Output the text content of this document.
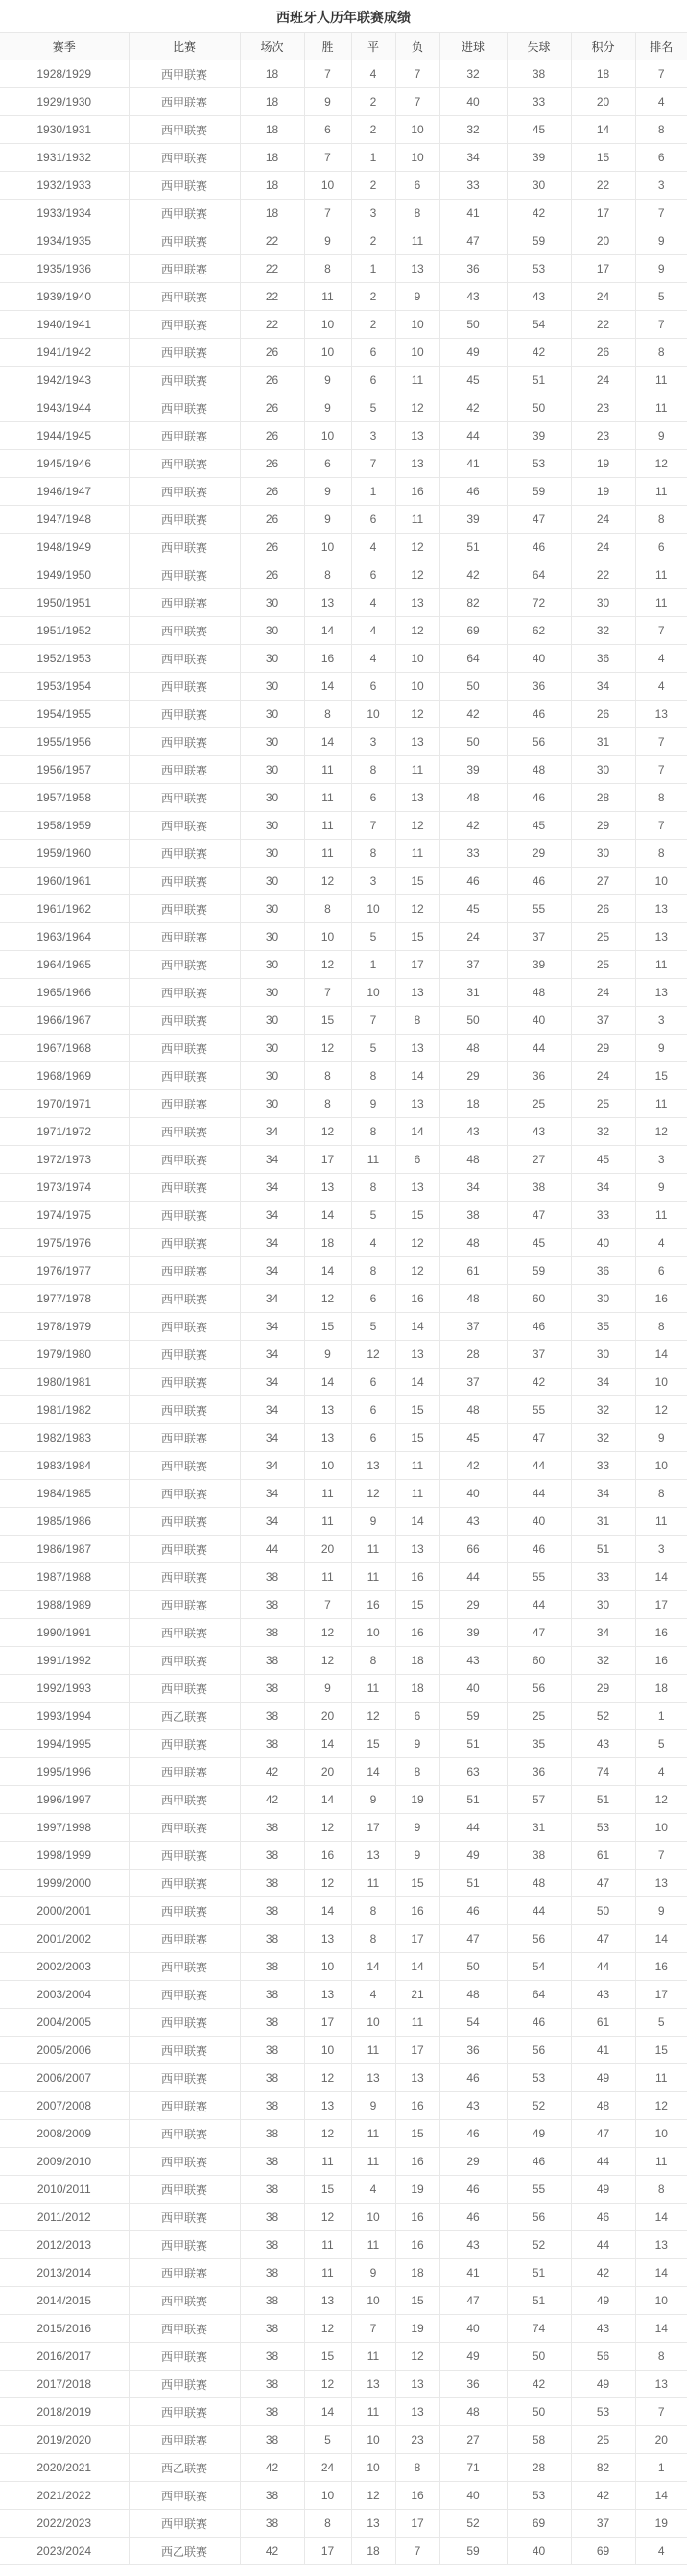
西班牙人历年联赛成绩
赛季	比赛	场次	胜	平	负	进球	失球	积分	排名
1928/1929	西甲联赛	18	7	4	7	32	38	18	7
1929/1930	西甲联赛	18	9	2	7	40	33	20	4
1930/1931	西甲联赛	18	6	2	10	32	45	14	8
1931/1932	西甲联赛	18	7	1	10	34	39	15	6
1932/1933	西甲联赛	18	10	2	6	33	30	22	3
1933/1934	西甲联赛	18	7	3	8	41	42	17	7
1934/1935	西甲联赛	22	9	2	11	47	59	20	9
1935/1936	西甲联赛	22	8	1	13	36	53	17	9
1939/1940	西甲联赛	22	11	2	9	43	43	24	5
1940/1941	西甲联赛	22	10	2	10	50	54	22	7
1941/1942	西甲联赛	26	10	6	10	49	42	26	8
1942/1943	西甲联赛	26	9	6	11	45	51	24	11
1943/1944	西甲联赛	26	9	5	12	42	50	23	11
1944/1945	西甲联赛	26	10	3	13	44	39	23	9
1945/1946	西甲联赛	26	6	7	13	41	53	19	12
1946/1947	西甲联赛	26	9	1	16	46	59	19	11
1947/1948	西甲联赛	26	9	6	11	39	47	24	8
1948/1949	西甲联赛	26	10	4	12	51	46	24	6
1949/1950	西甲联赛	26	8	6	12	42	64	22	11
1950/1951	西甲联赛	30	13	4	13	82	72	30	11
1951/1952	西甲联赛	30	14	4	12	69	62	32	7
1952/1953	西甲联赛	30	16	4	10	64	40	36	4
1953/1954	西甲联赛	30	14	6	10	50	36	34	4
1954/1955	西甲联赛	30	8	10	12	42	46	26	13
1955/1956	西甲联赛	30	14	3	13	50	56	31	7
1956/1957	西甲联赛	30	11	8	11	39	48	30	7
1957/1958	西甲联赛	30	11	6	13	48	46	28	8
1958/1959	西甲联赛	30	11	7	12	42	45	29	7
1959/1960	西甲联赛	30	11	8	11	33	29	30	8
1960/1961	西甲联赛	30	12	3	15	46	46	27	10
1961/1962	西甲联赛	30	8	10	12	45	55	26	13
1963/1964	西甲联赛	30	10	5	15	24	37	25	13
1964/1965	西甲联赛	30	12	1	17	37	39	25	11
1965/1966	西甲联赛	30	7	10	13	31	48	24	13
1966/1967	西甲联赛	30	15	7	8	50	40	37	3
1967/1968	西甲联赛	30	12	5	13	48	44	29	9
1968/1969	西甲联赛	30	8	8	14	29	36	24	15
1970/1971	西甲联赛	30	8	9	13	18	25	25	11
1971/1972	西甲联赛	34	12	8	14	43	43	32	12
1972/1973	西甲联赛	34	17	11	6	48	27	45	3
1973/1974	西甲联赛	34	13	8	13	34	38	34	9
1974/1975	西甲联赛	34	14	5	15	38	47	33	11
1975/1976	西甲联赛	34	18	4	12	48	45	40	4
1976/1977	西甲联赛	34	14	8	12	61	59	36	6
1977/1978	西甲联赛	34	12	6	16	48	60	30	16
1978/1979	西甲联赛	34	15	5	14	37	46	35	8
1979/1980	西甲联赛	34	9	12	13	28	37	30	14
1980/1981	西甲联赛	34	14	6	14	37	42	34	10
1981/1982	西甲联赛	34	13	6	15	48	55	32	12
1982/1983	西甲联赛	34	13	6	15	45	47	32	9
1983/1984	西甲联赛	34	10	13	11	42	44	33	10
1984/1985	西甲联赛	34	11	12	11	40	44	34	8
1985/1986	西甲联赛	34	11	9	14	43	40	31	11
1986/1987	西甲联赛	44	20	11	13	66	46	51	3
1987/1988	西甲联赛	38	11	11	16	44	55	33	14
1988/1989	西甲联赛	38	7	16	15	29	44	30	17
1990/1991	西甲联赛	38	12	10	16	39	47	34	16
1991/1992	西甲联赛	38	12	8	18	43	60	32	16
1992/1993	西甲联赛	38	9	11	18	40	56	29	18
1993/1994	西乙联赛	38	20	12	6	59	25	52	1
1994/1995	西甲联赛	38	14	15	9	51	35	43	5
1995/1996	西甲联赛	42	20	14	8	63	36	74	4
1996/1997	西甲联赛	42	14	9	19	51	57	51	12
1997/1998	西甲联赛	38	12	17	9	44	31	53	10
1998/1999	西甲联赛	38	16	13	9	49	38	61	7
1999/2000	西甲联赛	38	12	11	15	51	48	47	13
2000/2001	西甲联赛	38	14	8	16	46	44	50	9
2001/2002	西甲联赛	38	13	8	17	47	56	47	14
2002/2003	西甲联赛	38	10	14	14	50	54	44	16
2003/2004	西甲联赛	38	13	4	21	48	64	43	17
2004/2005	西甲联赛	38	17	10	11	54	46	61	5
2005/2006	西甲联赛	38	10	11	17	36	56	41	15
2006/2007	西甲联赛	38	12	13	13	46	53	49	11
2007/2008	西甲联赛	38	13	9	16	43	52	48	12
2008/2009	西甲联赛	38	12	11	15	46	49	47	10
2009/2010	西甲联赛	38	11	11	16	29	46	44	11
2010/2011	西甲联赛	38	15	4	19	46	55	49	8
2011/2012	西甲联赛	38	12	10	16	46	56	46	14
2012/2013	西甲联赛	38	11	11	16	43	52	44	13
2013/2014	西甲联赛	38	11	9	18	41	51	42	14
2014/2015	西甲联赛	38	13	10	15	47	51	49	10
2015/2016	西甲联赛	38	12	7	19	40	74	43	14
2016/2017	西甲联赛	38	15	11	12	49	50	56	8
2017/2018	西甲联赛	38	12	13	13	36	42	49	13
2018/2019	西甲联赛	38	14	11	13	48	50	53	7
2019/2020	西甲联赛	38	5	10	23	27	58	25	20
2020/2021	西乙联赛	42	24	10	8	71	28	82	1
2021/2022	西甲联赛	38	10	12	16	40	53	42	14
2022/2023	西甲联赛	38	8	13	17	52	69	37	19
2023/2024	西乙联赛	42	17	18	7	59	40	69	4
